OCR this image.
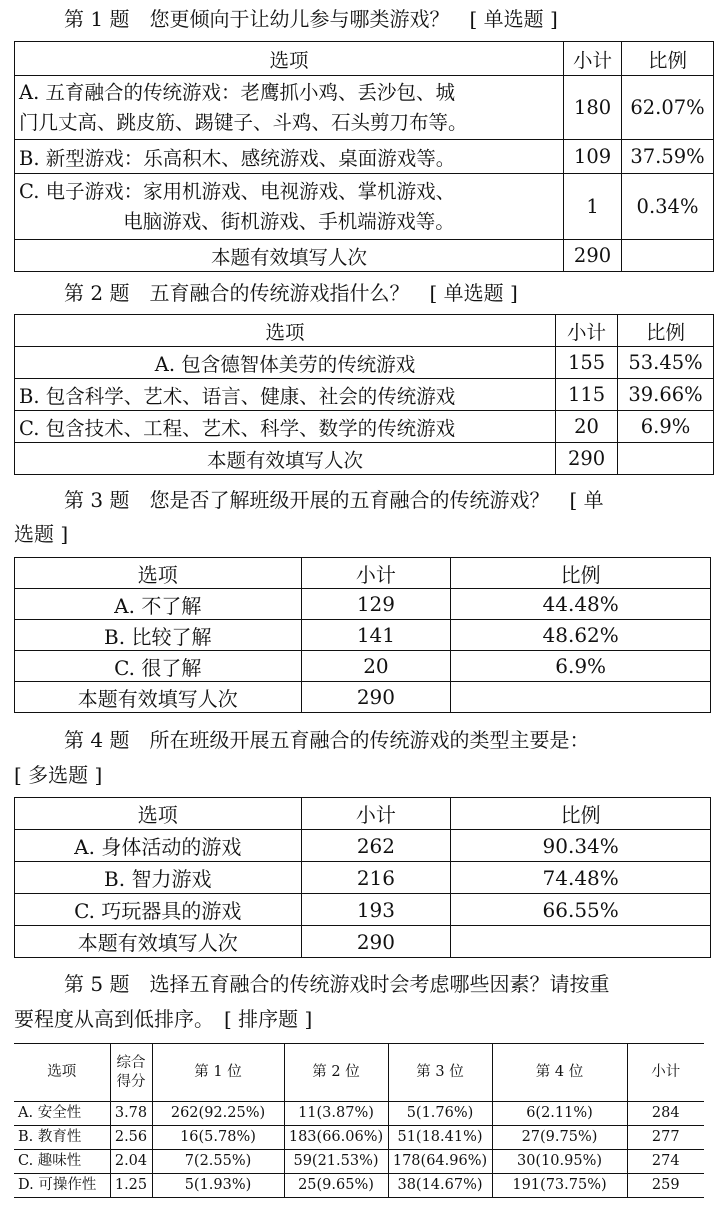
第 1 题　您更倾向于让幼儿参与哪类游戏？　[ 单选题 ]
选项	小计	比例

A. 五育融合的传统游戏：老鹰抓小鸡、丢沙包、城
门几丈高、跳皮筋、踢键子、斗鸡、石头剪刀布等。	180	62.07%
B. 新型游戏：乐高积木、感统游戏、桌面游戏等。	109	37.59%

C. 电子游戏：家用机游戏、电视游戏、掌机游戏、
电脑游戏、街机游戏、手机端游戏等。	1	0.34%
本题有效填写人次	290	
第 2 题　五育融合的传统游戏指什么？　[ 单选题 ]
选项	小计	比例
A. 包含德智体美劳的传统游戏	155	53.45%
B. 包含科学、艺术、语言、健康、社会的传统游戏	115	39.66%
C. 包含技术、工程、艺术、科学、数学的传统游戏	20	6.9%
本题有效填写人次	290	
第 3 题　您是否了解班级开展的五育融合的传统游戏？　[ 单
选题 ]
选项	小计	比例
A. 不了解	129	44.48%
B. 比较了解	141	48.62%
C. 很了解	20	6.9%
本题有效填写人次	290	
第 4 题　所在班级开展五育融合的传统游戏的类型主要是：
[ 多选题 ]
选项	小计	比例
A. 身体活动的游戏	262	90.34%
B. 智力游戏	216	74.48%
C. 巧玩器具的游戏	193	66.55%
本题有效填写人次	290	
第 5 题　选择五育融合的传统游戏时会考虑哪些因素？请按重
要程度从高到低排序。　[ 排序题 ]
选项	综合
得分	第 1 位	第 2 位	第 3 位	第 4 位	小计
A. 安全性	3.78	262(92.25%)	11(3.87%)	5(1.76%)	6(2.11%)	284
B. 教育性	2.56	16(5.78%)	183(66.06%)	51(18.41%)	27(9.75%)	277
C. 趣味性	2.04	7(2.55%)	59(21.53%)	178(64.96%)	30(10.95%)	274
D. 可操作性	1.25	5(1.93%)	25(9.65%)	38(14.67%)	191(73.75%)	259
